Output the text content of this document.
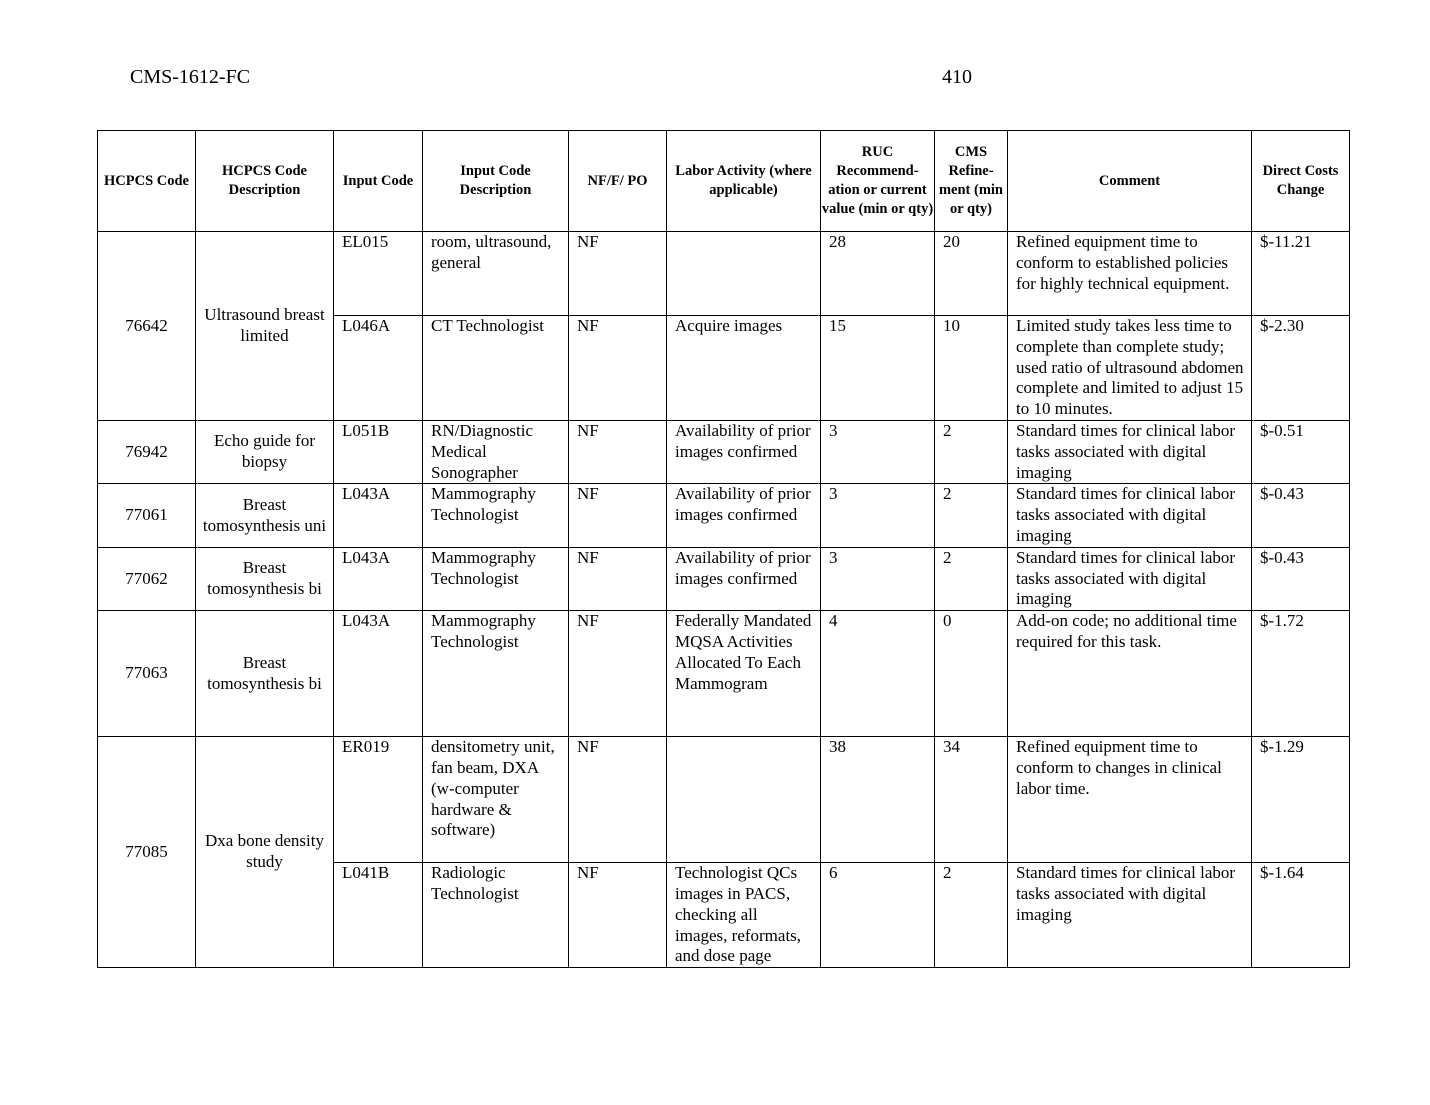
CMS-1612-FC	410
HCPCS Code	HCPCS Code Description	Input Code	Input Code Description	NF/F/ PO	Labor Activity (where applicable)	RUC Recommend-ation or current value (min or qty)	CMS Refine-ment (min or qty)	Comment	Direct Costs Change
76642	Ultrasound breast limited	EL015	room, ultrasound, general	NF		28	20	Refined equipment time to conform to established policies for highly technical equipment.	$-11.21
		L046A	CT Technologist	NF	Acquire images	15	10	Limited study takes less time to complete than complete study; used ratio of ultrasound abdomen complete and limited to adjust 15 to 10 minutes.	$-2.30
76942	Echo guide for biopsy	L051B	RN/Diagnostic Medical Sonographer	NF	Availability of prior images confirmed	3	2	Standard times for clinical labor tasks associated with digital imaging	$-0.51
77061	Breast tomosynthesis uni	L043A	Mammography Technologist	NF	Availability of prior images confirmed	3	2	Standard times for clinical labor tasks associated with digital imaging	$-0.43
77062	Breast tomosynthesis bi	L043A	Mammography Technologist	NF	Availability of prior images confirmed	3	2	Standard times for clinical labor tasks associated with digital imaging	$-0.43
77063	Breast tomosynthesis bi	L043A	Mammography Technologist	NF	Federally Mandated MQSA Activities Allocated To Each Mammogram	4	0	Add-on code; no additional time required for this task.	$-1.72
77085	Dxa bone density study	ER019	densitometry unit, fan beam, DXA (w-computer hardware & software)	NF		38	34	Refined equipment time to conform to changes in clinical labor time.	$-1.29
		L041B	Radiologic Technologist	NF	Technologist QCs images in PACS, checking all images, reformats, and dose page	6	2	Standard times for clinical labor tasks associated with digital imaging	$-1.64
